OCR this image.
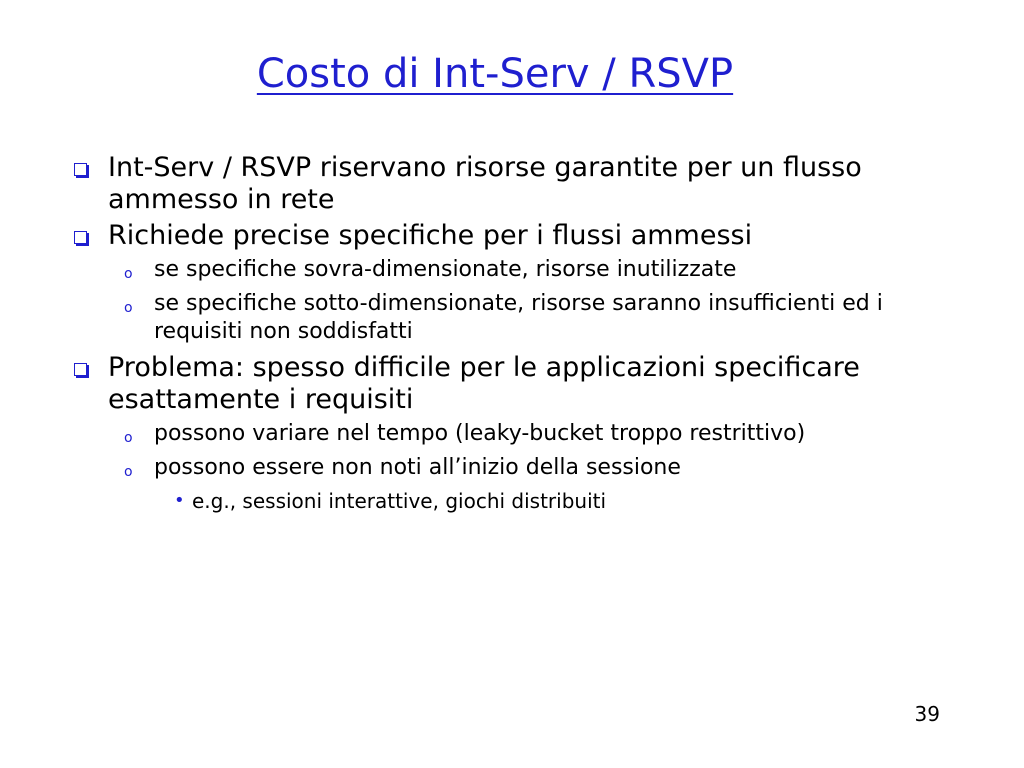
Costo di Int-Serv / RSVP
Int-Serv / RSVP riservano risorse garantite per un flusso ammesso in rete
Richiede precise specifiche per i flussi ammessi
o se specifiche sovra-dimensionate, risorse inutilizzate
o se specifiche sotto-dimensionate, risorse saranno insufficienti ed i requisiti non soddisfatti
Problema: spesso difficile per le applicazioni specificare esattamente i requisiti
o possono variare nel tempo (leaky-bucket troppo restrittivo)
o possono essere non noti all’inizio della sessione
• e.g., sessioni interattive, giochi distribuiti
39
